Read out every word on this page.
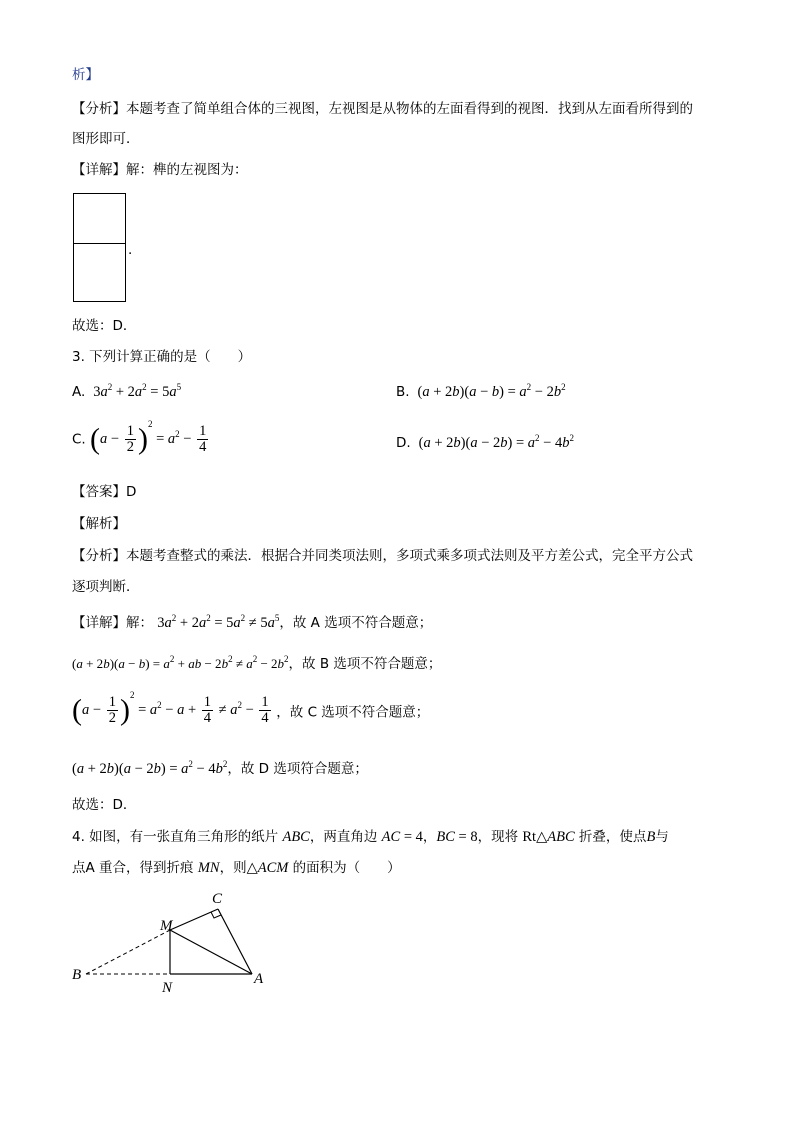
析】
【分析】本题考查了简单组合体的三视图，左视图是从物体的左面看得到的视图．找到从左面看所得到的
图形即可．
【详解】解：榫的左视图为：
.
故选：D．
3. 下列计算正确的是（　　）
A.  $3a^2 + 2a^2 = 5a^5$	B.  $(a + 2b)(a - b) = a^2 - 2b^2$
C. $(a - \frac{1}{2} )^2 = a^2 - \frac{1}{4}$	D.  $(a + 2b)(a - 2b) = a^2 - 4b^2$
【答案】D
【解析】
【分析】本题考查整式的乘法．根据合并同类项法则，多项式乘多项式法则及平方差公式，完全平方公式
逐项判断．
【详解】解： $3a^2 + 2a^2 = 5a^2 \ne 5a^5$，故 A 选项不符合题意；
$(a + 2b)(a - b) = a^2$ + ab − $2b^2 \ne a^2 - 2b^2$，故 B 选项不符合题意；
$(a - \frac{1}{2} )^2 = a^2 - a + \frac{1}{4} \ne a^2 - \frac{1}{4}$ ，故 C 选项不符合题意；
$(a + 2b)(a - 2b) = a^2 - 4b^2$，故 D 选项符合题意；
故选：D．
4. 如图，有一张直角三角形的纸片 ABC，两直角边 AC = 4，BC = 8，现将 Rt△ABC 折叠，使点B与
点A 重合，得到折痕 MN，则△ACM 的面积为（　　）
C
M
B
N
A
